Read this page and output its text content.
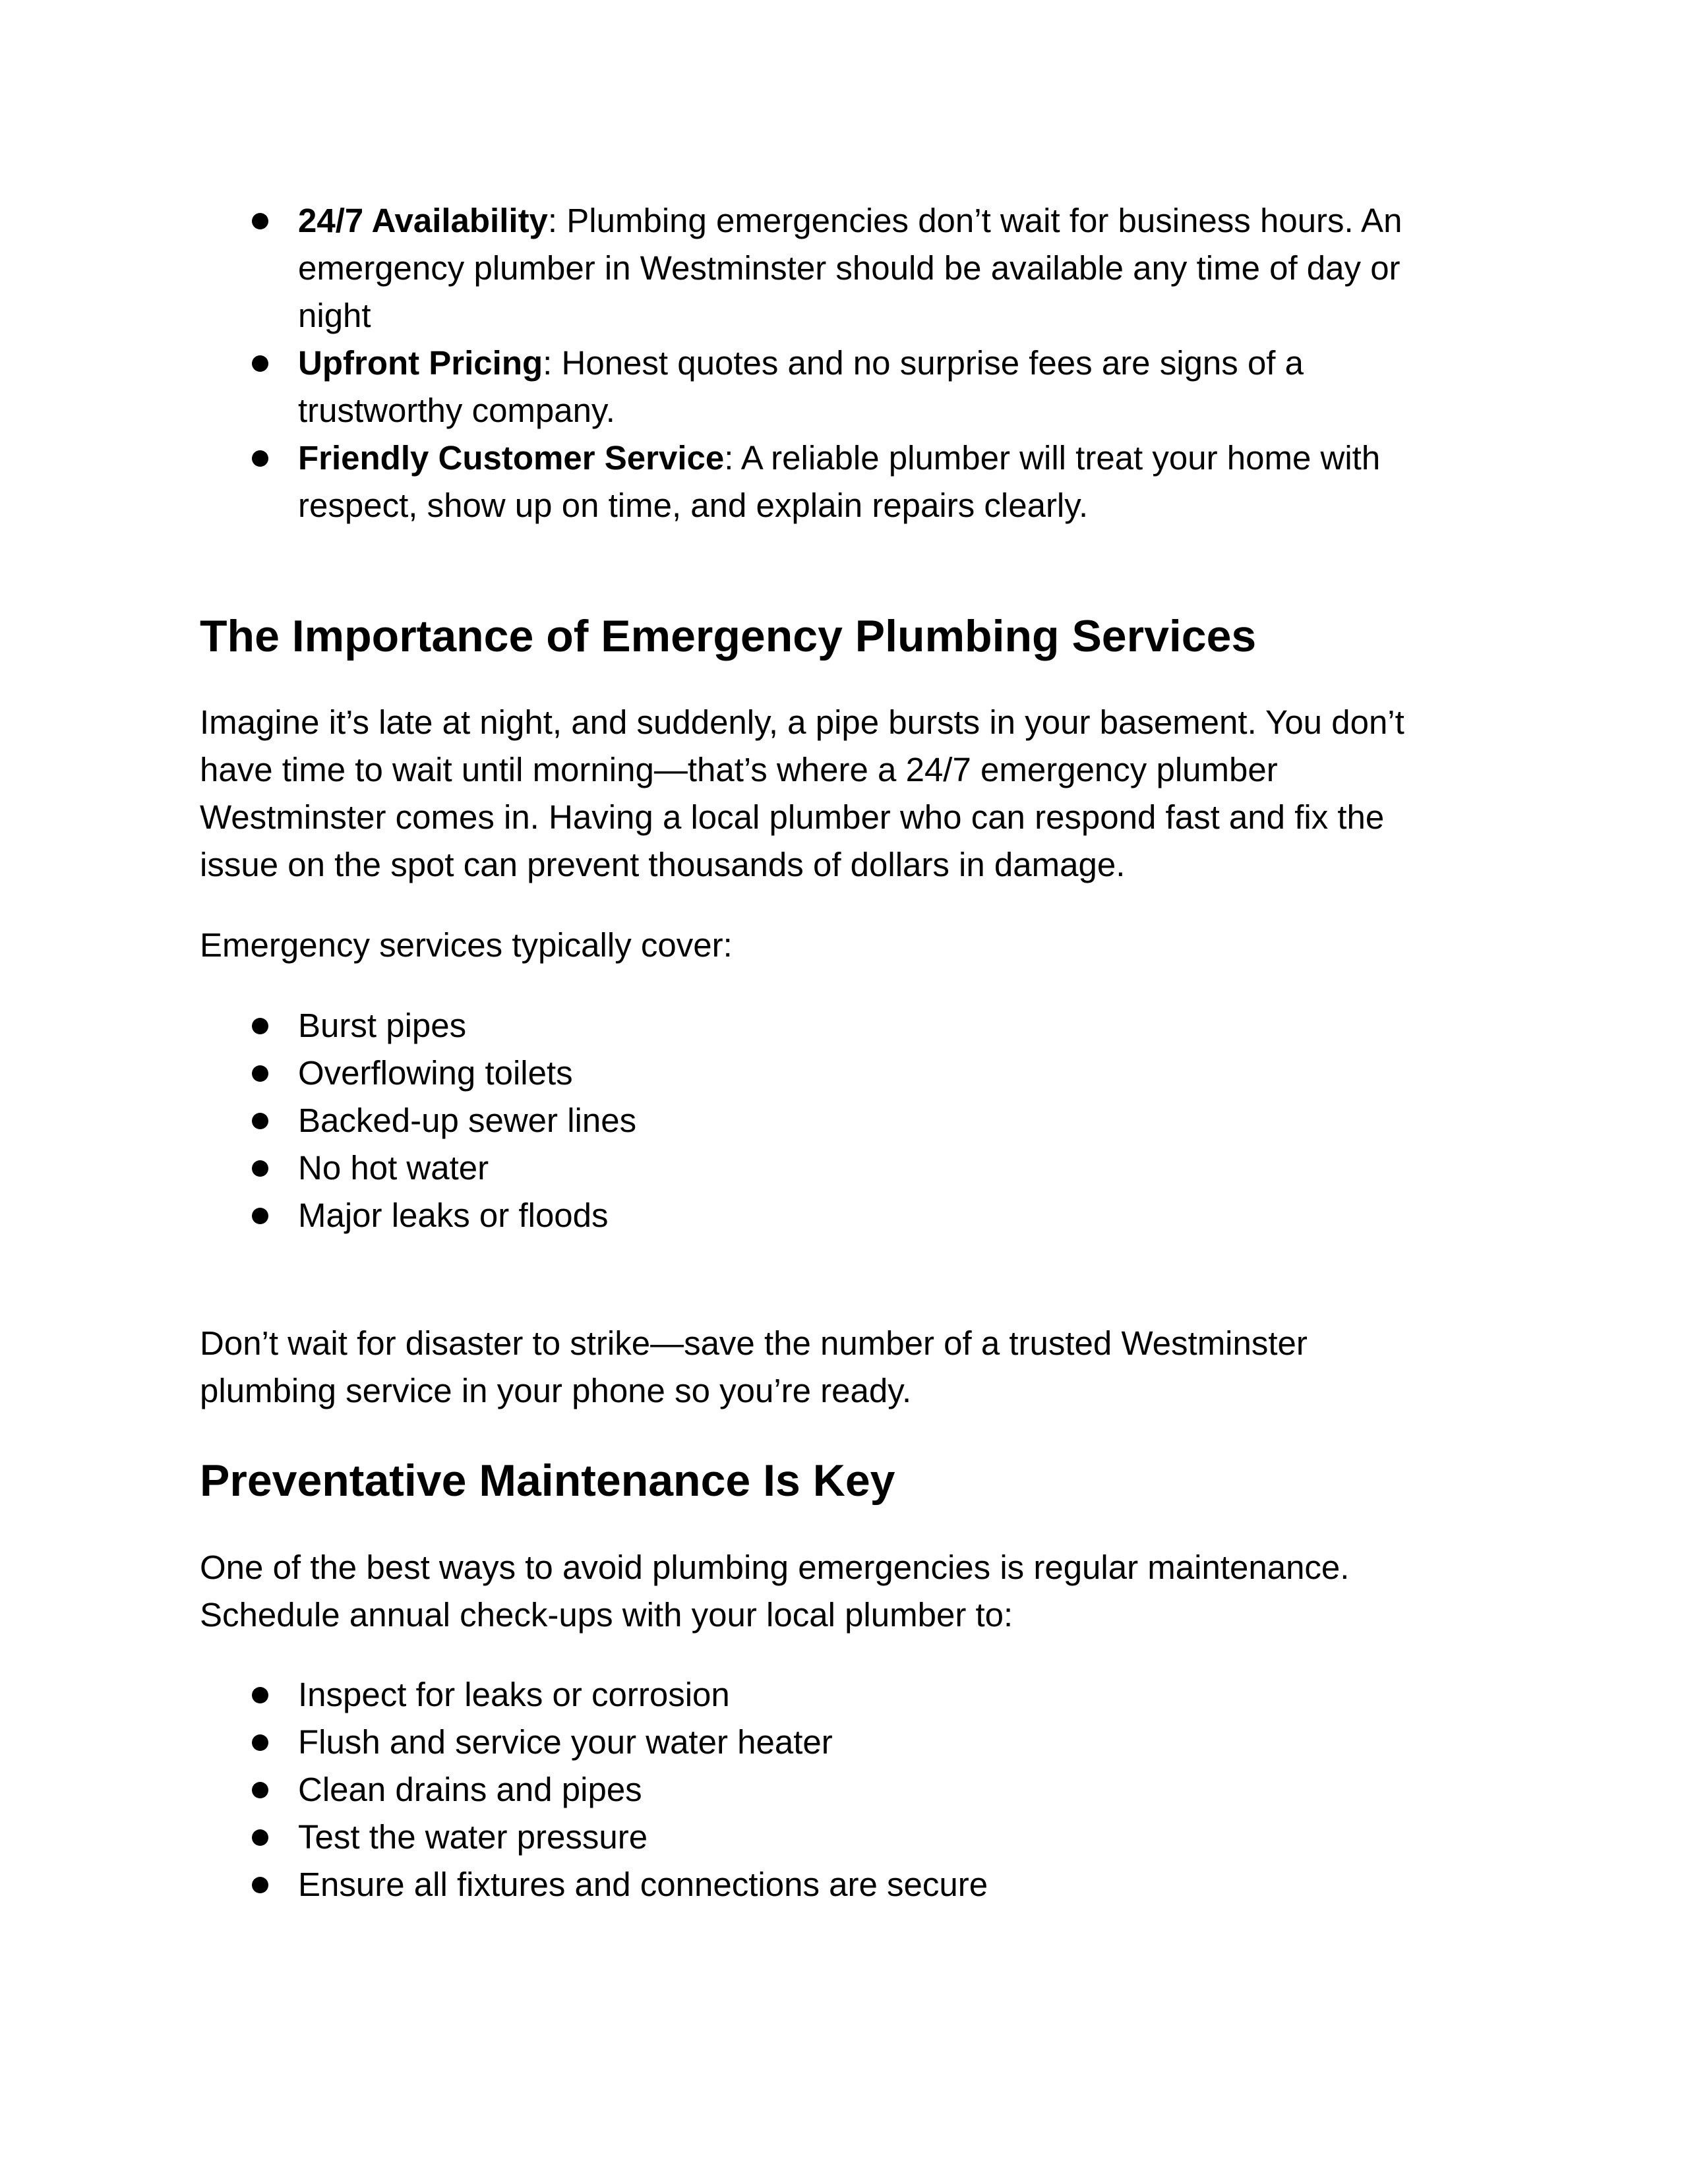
24/7 Availability: Plumbing emergencies don’t wait for business hours. An
emergency plumber in Westminster should be available any time of day or
night
Upfront Pricing: Honest quotes and no surprise fees are signs of a
trustworthy company.
Friendly Customer Service: A reliable plumber will treat your home with
respect, show up on time, and explain repairs clearly.
The Importance of Emergency Plumbing Services
Imagine it’s late at night, and suddenly, a pipe bursts in your basement. You don’t
have time to wait until morning—that’s where a 24/7 emergency plumber
Westminster comes in. Having a local plumber who can respond fast and fix the
issue on the spot can prevent thousands of dollars in damage.
Emergency services typically cover:
Burst pipes
Overflowing toilets
Backed-up sewer lines
No hot water
Major leaks or floods
Don’t wait for disaster to strike—save the number of a trusted Westminster
plumbing service in your phone so you’re ready.
Preventative Maintenance Is Key
One of the best ways to avoid plumbing emergencies is regular maintenance.
Schedule annual check-ups with your local plumber to:
Inspect for leaks or corrosion
Flush and service your water heater
Clean drains and pipes
Test the water pressure
Ensure all fixtures and connections are secure
